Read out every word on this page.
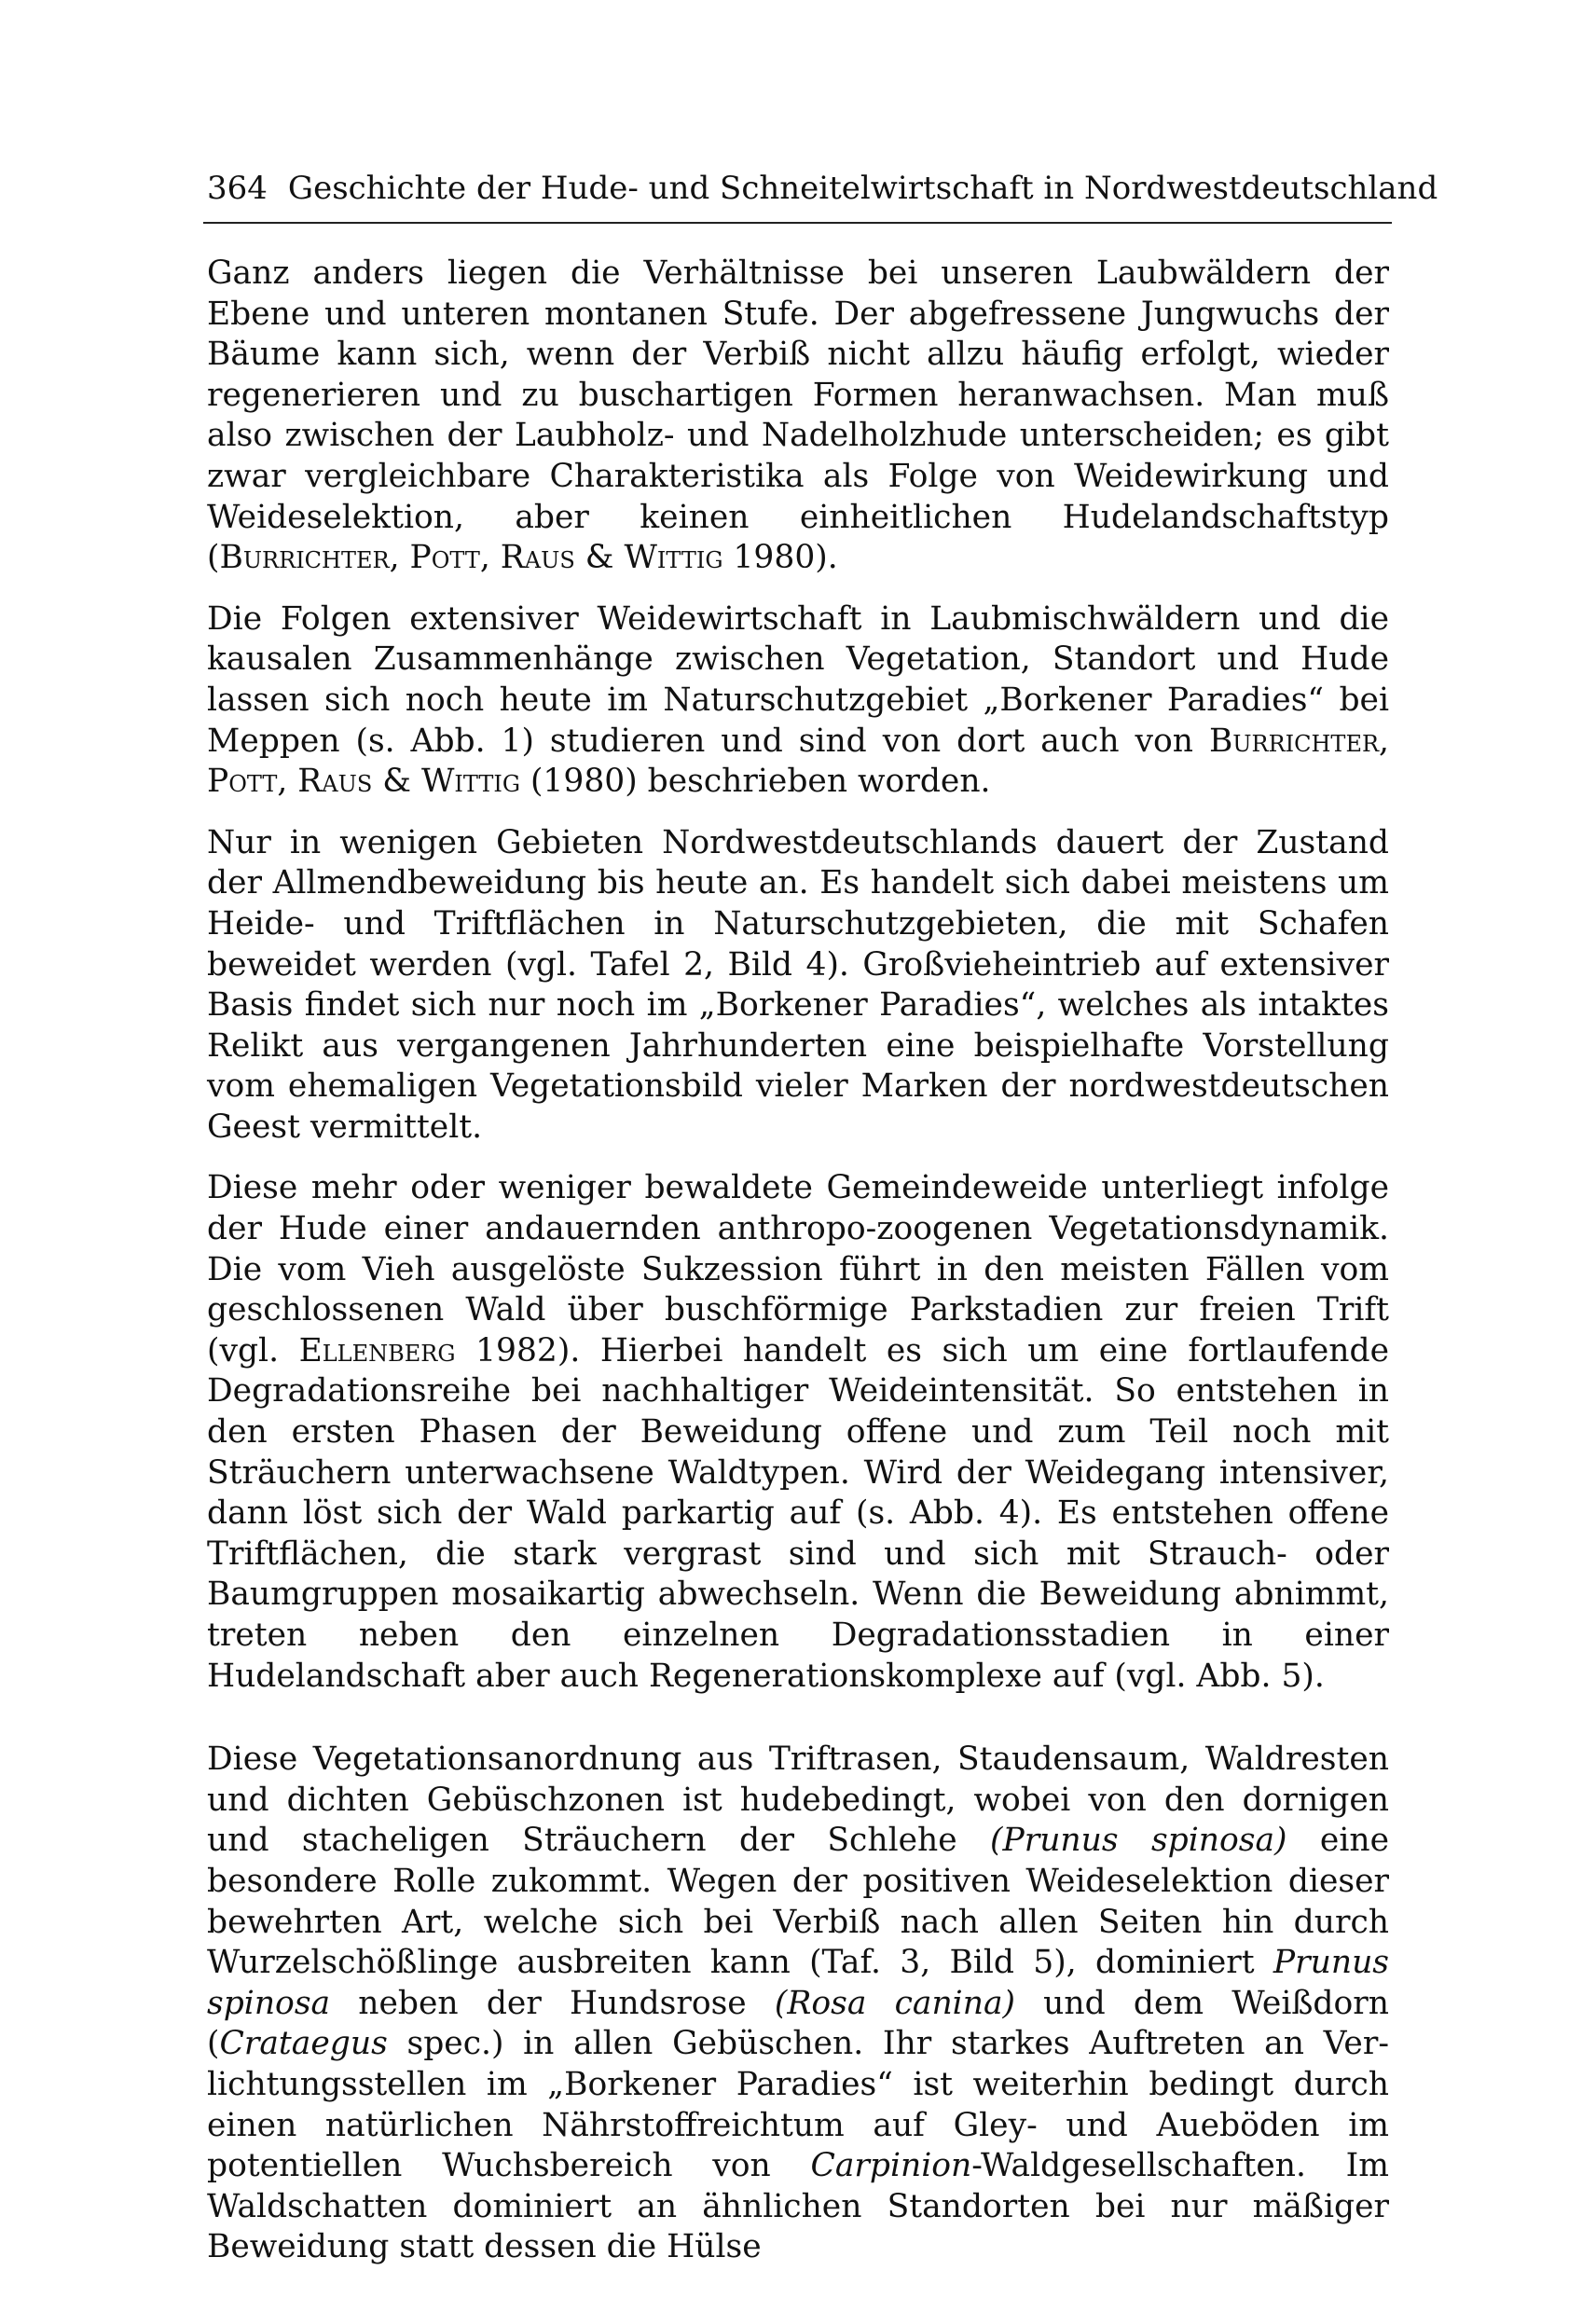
364 Geschichte der Hude- und Schneitelwirtschaft in Nordwestdeutschland

Ganz anders liegen die Verhältnisse bei unseren Laubwäldern der Ebene und unteren montanen Stufe. Der abgefressene Jungwuchs der Bäume kann sich, wenn der Verbiß nicht allzu häufig erfolgt, wieder regenerieren und zu buschartigen Formen heranwachsen. Man muß also zwischen der Laubholz- und Nadelholzhude unterscheiden; es gibt zwar vergleichbare Charakteristika als Folge von Weidewirkung und Weideselektion, aber keinen einheitlichen Hudelandschaftstyp (Burrichter, Pott, Raus & Wittig 1980).

Die Folgen extensiver Weidewirtschaft in Laubmischwäldern und die kausalen Zusammenhänge zwischen Vegetation, Standort und Hude lassen sich noch heute im Naturschutzgebiet „Borkener Paradies“ bei Meppen (s. Abb. 1) studieren und sind von dort auch von Burrichter, Pott, Raus & Wittig (1980) beschrieben worden.

Nur in wenigen Gebieten Nordwestdeutschlands dauert der Zustand der Allmendbeweidung bis heute an. Es handelt sich dabei meistens um Heide- und Triftflächen in Naturschutzgebieten, die mit Schafen beweidet werden (vgl. Tafel 2, Bild 4). Großvieheintrieb auf extensiver Basis findet sich nur noch im „Borkener Paradies“, welches als intaktes Relikt aus vergangenen Jahrhunderten eine beispielhafte Vorstellung vom ehemaligen Vegetationsbild vieler Marken der nordwestdeutschen Geest vermittelt.

Diese mehr oder weniger bewaldete Gemeindeweide unterliegt infolge der Hude einer andauernden anthropo-zoogenen Vegetationsdynamik. Die vom Vieh ausgelöste Sukzession führt in den meisten Fällen vom geschlossenen Wald über buschförmige Parkstadien zur freien Trift (vgl. Ellenberg 1982). Hierbei handelt es sich um eine fortlaufende Degradationsreihe bei nachhaltiger Weideintensität. So entstehen in den ersten Phasen der Beweidung offene und zum Teil noch mit Sträuchern unterwachsene Waldtypen. Wird der Weidegang intensiver, dann löst sich der Wald parkartig auf (s. Abb. 4). Es entstehen offene Triftflächen, die stark vergrast sind und sich mit Strauch- oder Baumgruppen mosaikartig abwechseln. Wenn die Beweidung abnimmt, treten neben den einzelnen Degradationsstadien in einer Hudelandschaft aber auch Regenerationskomplexe auf (vgl. Abb. 5).

Diese Vegetationsanordnung aus Triftrasen, Staudensaum, Waldresten und dichten Gebüschzonen ist hudebedingt, wobei von den dornigen und stacheligen Sträuchern der Schlehe (Prunus spinosa) eine besondere Rolle zukommt. Wegen der positiven Weideselektion dieser bewehrten Art, welche sich bei Verbiß nach allen Seiten hin durch Wurzelschößlinge ausbreiten kann (Taf. 3, Bild 5), dominiert Prunus spinosa neben der Hundsrose (Rosa canina) und dem Weißdorn (Crataegus spec.) in allen Gebüschen. Ihr starkes Auftreten an Verlichtungsstellen im „Borkener Paradies“ ist weiterhin bedingt durch einen natürlichen Nährstoffreichtum auf Gley- und Aueböden im potentiellen Wuchsbereich von Carpinion-Waldgesellschaften. Im Waldschatten dominiert an ähnlichen Standorten bei nur mäßiger Beweidung statt dessen die Hülse
